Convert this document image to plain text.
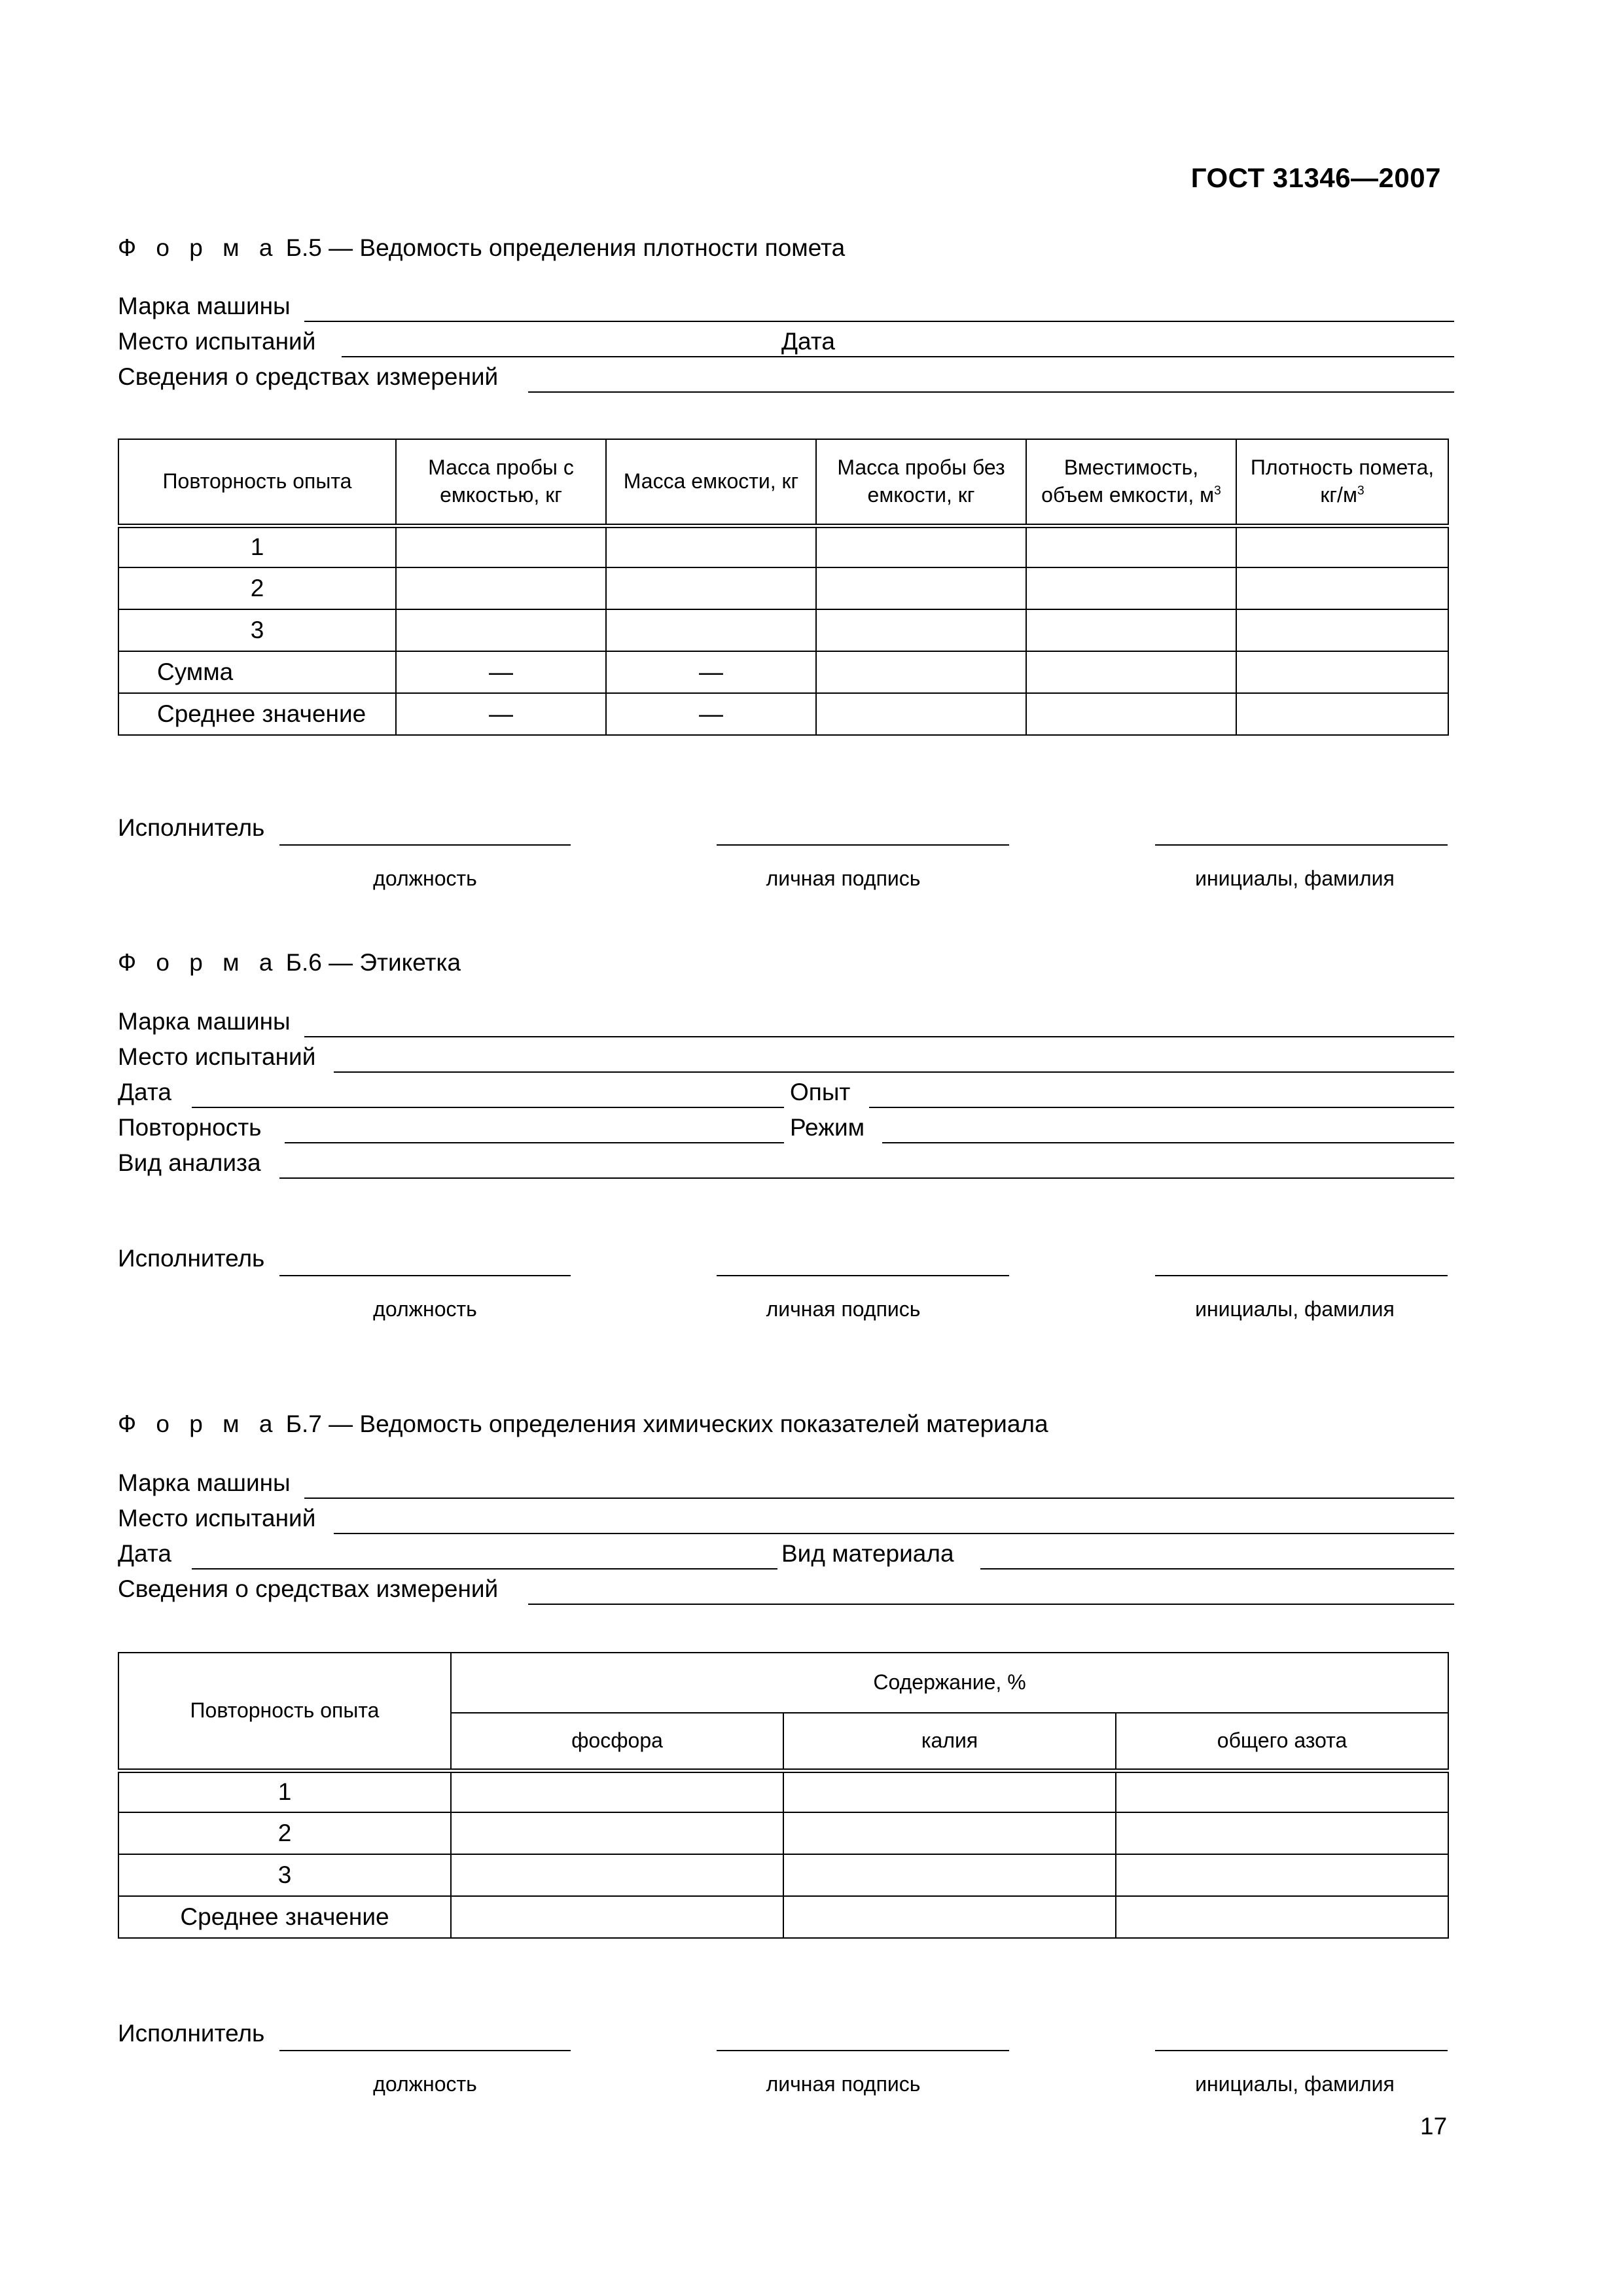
ГОСТ 31346—2007
Ф о р м а Б.5 — Ведомость определения плотности помета
Марка машины
Место испытаний	Дата
Сведения о средствах измерений
Повторность опыта	Масса пробы с емкостью, кг	Масса емкости, кг	Масса пробы без емкости, кг	Вместимость, объем емкости, $м^3$	Плотность помета, $кг/м^3$
1					
2					
3					
Сумма	—	—			
Среднее значение	—	—			
Исполнитель
должность	личная подпись	инициалы, фамилия
Ф о р м а Б.6 — Этикетка
Марка машины
Место испытаний
Дата	Опыт
Повторность	Режим
Вид анализа
Исполнитель
должность	личная подпись	инициалы, фамилия
Ф о р м а Б.7 — Ведомость определения химических показателей материала
Марка машины
Место испытаний
Дата	Вид материала
Сведения о средствах измерений
Повторность опыта	Содержание, %		
	фосфора	калия	общего азота
1			
2			
3			
Среднее значение			
Исполнитель
должность	личная подпись	инициалы, фамилия
17
